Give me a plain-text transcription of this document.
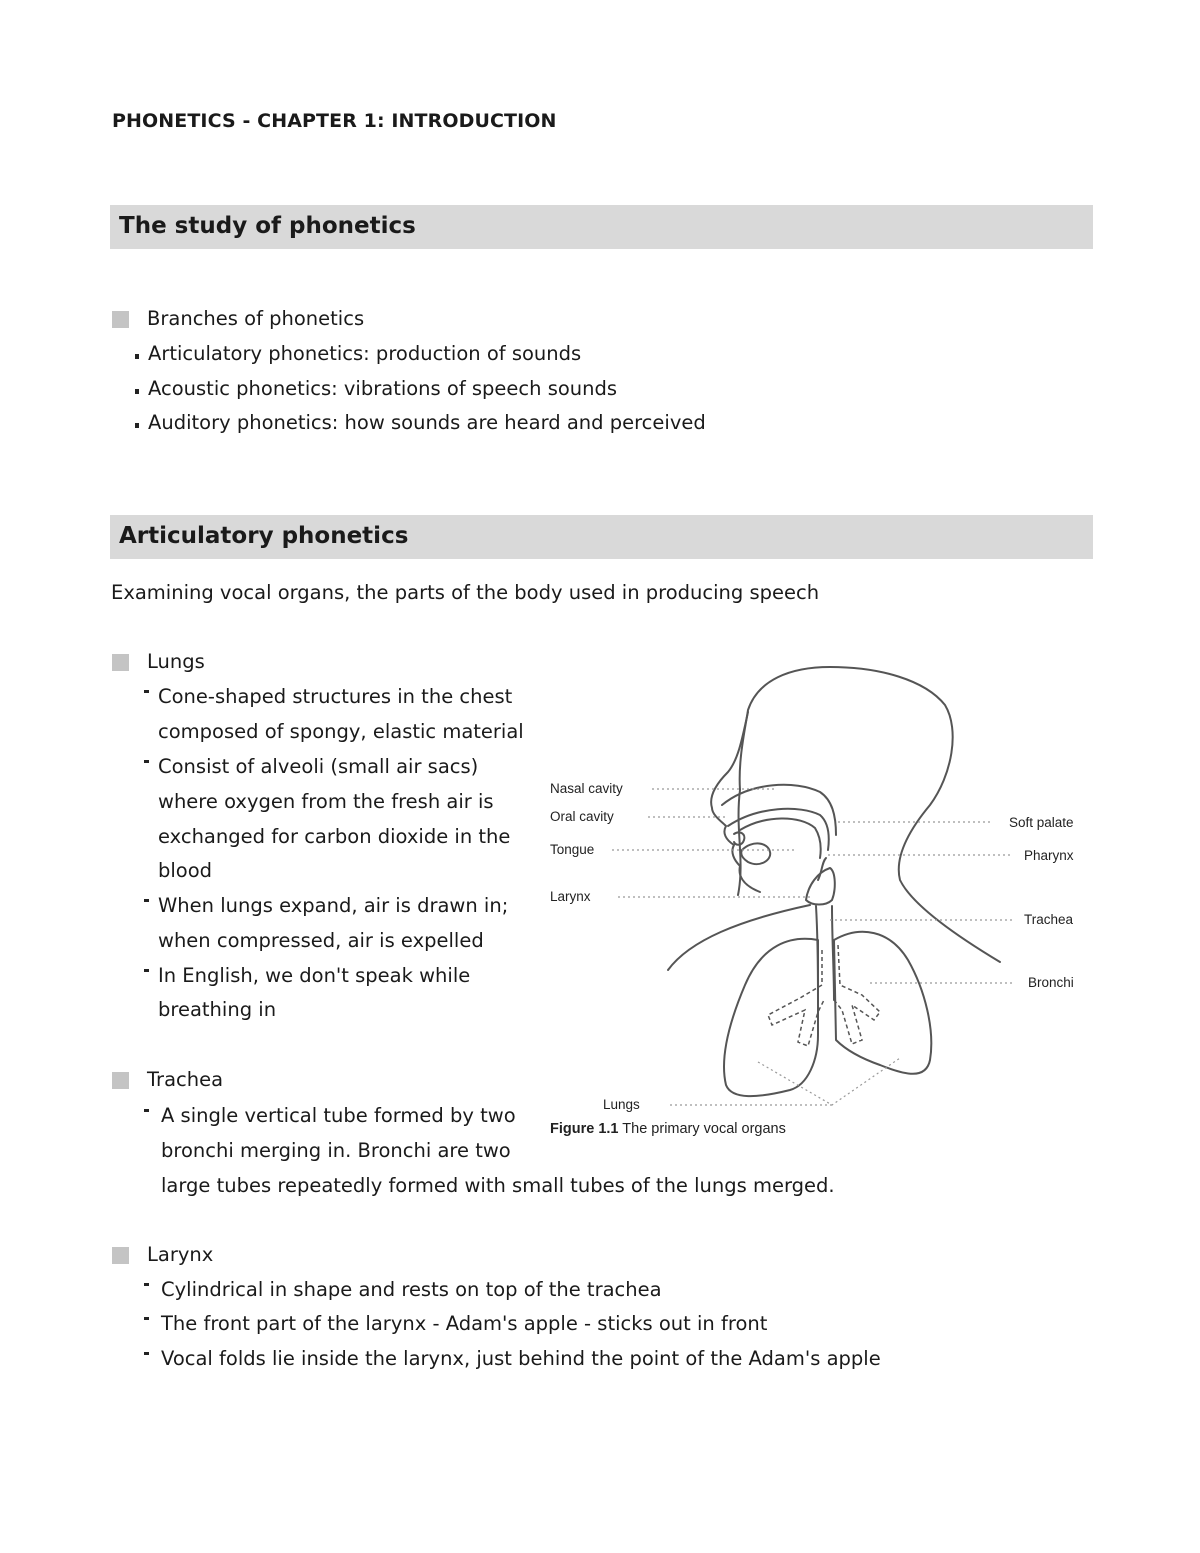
PHONETICS - CHAPTER 1: INTRODUCTION
The study of phonetics
Branches of phonetics
Articulatory phonetics: production of sounds
Acoustic phonetics: vibrations of speech sounds
Auditory phonetics: how sounds are heard and perceived
Articulatory phonetics
Examining vocal organs, the parts of the body used in producing speech
Lungs
Cone-shaped structures in the chest
composed of spongy, elastic material
Consist of alveoli (small air sacs)
where oxygen from the fresh air is
exchanged for carbon dioxide in the
blood
When lungs expand, air is drawn in;
when compressed, air is expelled
In English, we don't speak while
breathing in
Trachea
A single vertical tube formed by two
bronchi merging in. Bronchi are two
large tubes repeatedly formed with small tubes of the lungs merged.
Larynx
Cylindrical in shape and rests on top of the trachea
The front part of the larynx - Adam's apple - sticks out in front
Vocal folds lie inside the larynx, just behind the point of the Adam's apple
Nasal cavity
Oral cavity
Tongue
Larynx
Soft palate
Pharynx
Trachea
Bronchi
Lungs
Figure 1.1 The primary vocal organs
